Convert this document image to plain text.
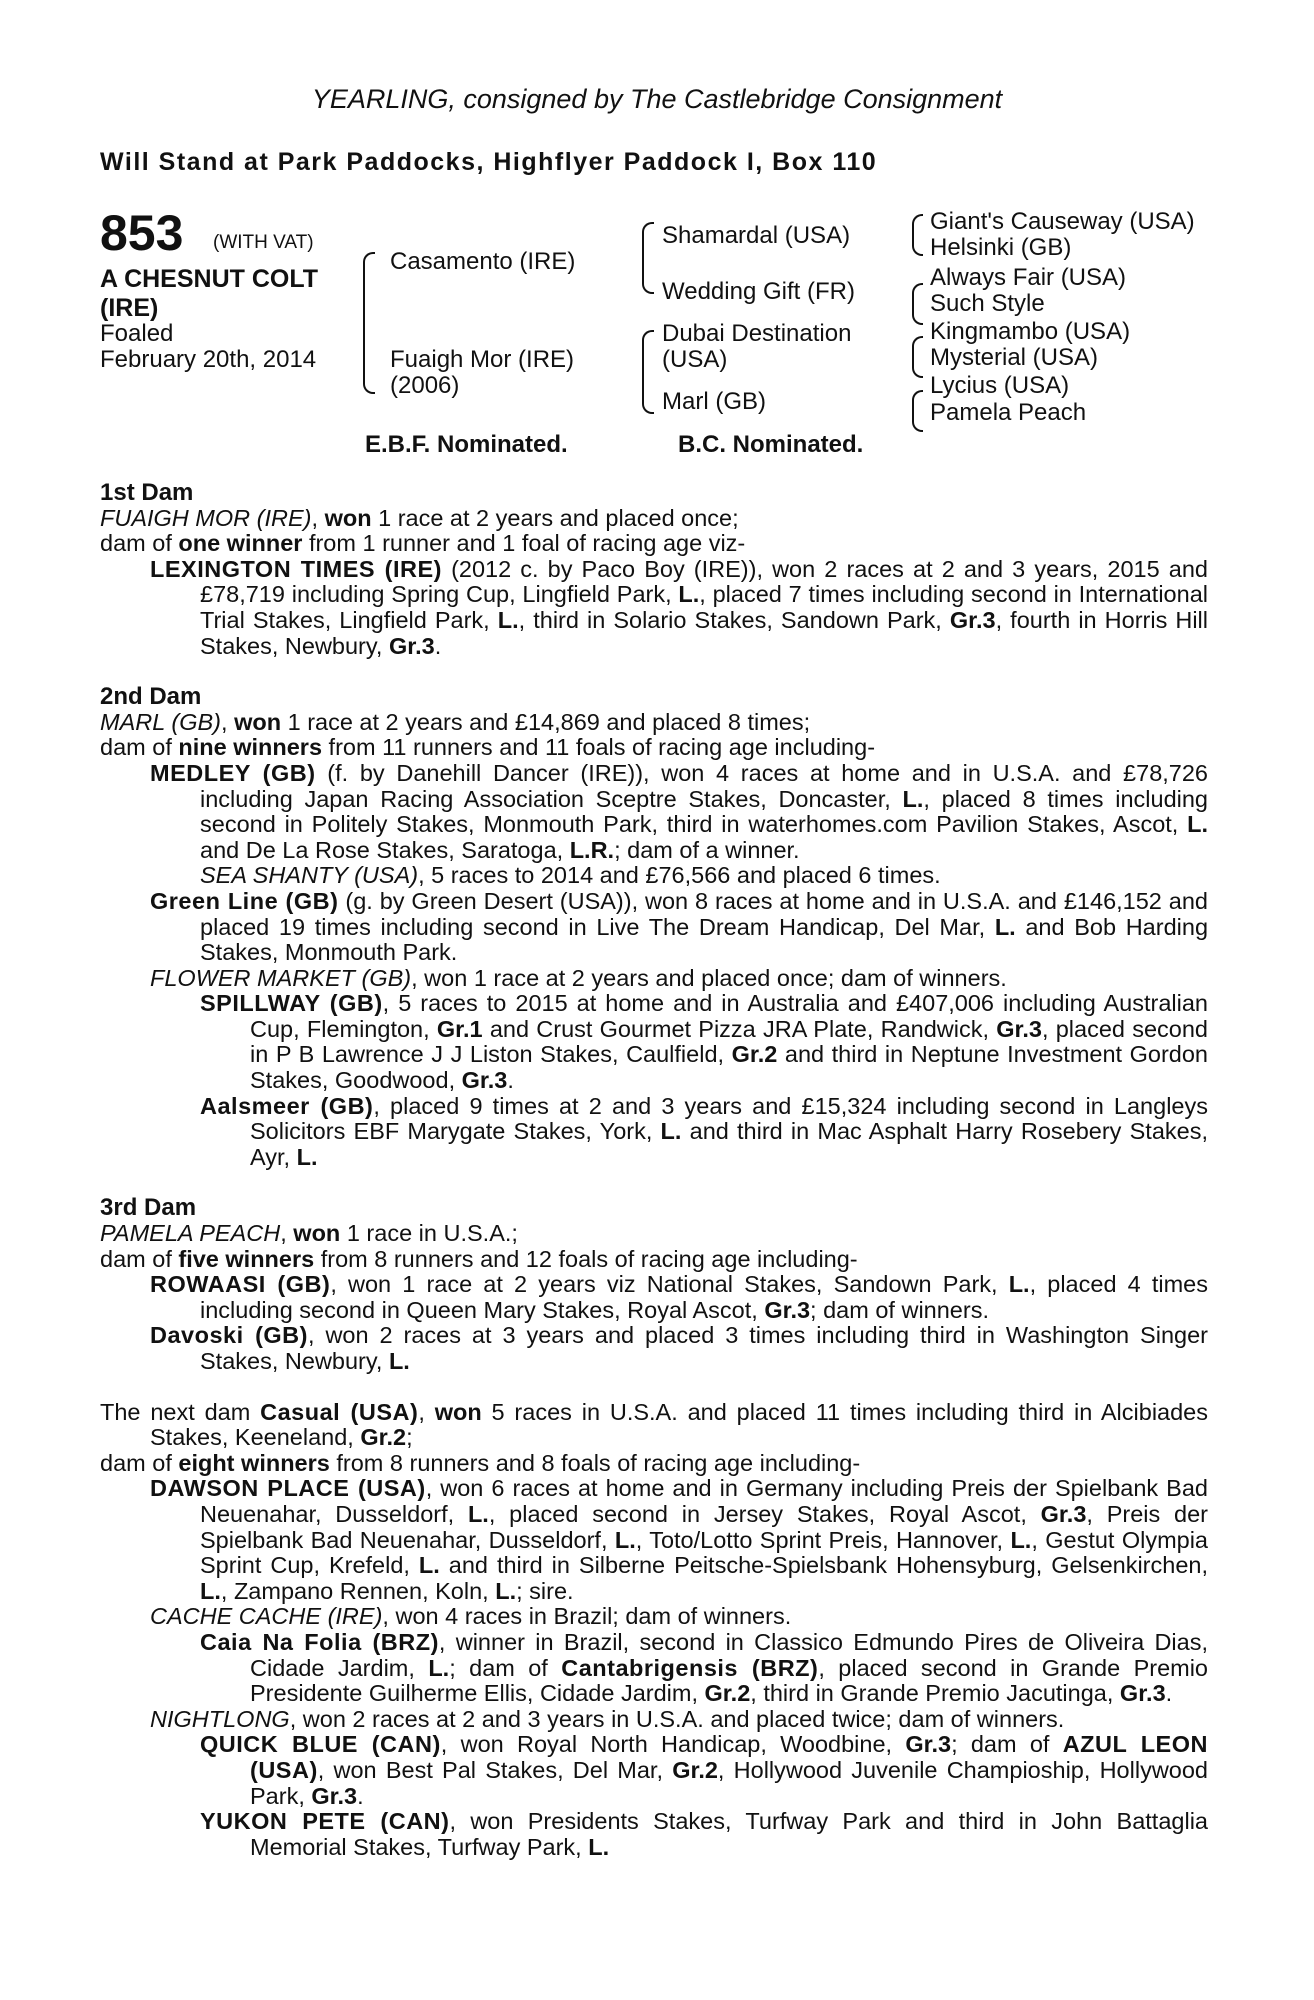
YEARLING, consigned by The Castlebridge Consignment
Will Stand at Park Paddocks, Highflyer Paddock I, Box 110
853 (WITH VAT)
A CHESNUT COLT
(IRE)
Foaled
February 20th, 2014
Casamento (IRE)
Fuaigh Mor (IRE)
(2006)
Shamardal (USA)
Wedding Gift (FR)
Dubai Destination
(USA)
Marl (GB)
Giant's Causeway (USA)
Helsinki (GB)
Always Fair (USA)
Such Style
Kingmambo (USA)
Mysterial (USA)
Lycius (USA)
Pamela Peach
E.B.F. Nominated.	B.C. Nominated.

1st Dam

FUAIGH MOR (IRE), won 1 race at 2 years and placed once;

dam of one winner from 1 runner and 1 foal of racing age viz-

LEXINGTON TIMES (IRE) (2012 c. by Paco Boy (IRE)), won 2 races at 2 and 3 years, 2015 and £78,719 including Spring Cup, Lingfield Park, L., placed 7 times including second in International Trial Stakes, Lingfield Park, L., third in Solario Stakes, Sandown Park, Gr.3, fourth in Horris Hill Stakes, Newbury, Gr.3.

2nd Dam

MARL (GB), won 1 race at 2 years and £14,869 and placed 8 times;

dam of nine winners from 11 runners and 11 foals of racing age including-

MEDLEY (GB) (f. by Danehill Dancer (IRE)), won 4 races at home and in U.S.A. and £78,726 including Japan Racing Association Sceptre Stakes, Doncaster, L., placed 8 times including second in Politely Stakes, Monmouth Park, third in waterhomes.com Pavilion Stakes, Ascot, L. and De La Rose Stakes, Saratoga, L.R.; dam of a winner.

SEA SHANTY (USA), 5 races to 2014 and £76,566 and placed 6 times.

Green Line (GB) (g. by Green Desert (USA)), won 8 races at home and in U.S.A. and £146,152 and placed 19 times including second in Live The Dream Handicap, Del Mar, L. and Bob Harding Stakes, Monmouth Park.

FLOWER MARKET (GB), won 1 race at 2 years and placed once; dam of winners.

SPILLWAY (GB), 5 races to 2015 at home and in Australia and £407,006 including Australian Cup, Flemington, Gr.1 and Crust Gourmet Pizza JRA Plate, Randwick, Gr.3, placed second in P B Lawrence J J Liston Stakes, Caulfield, Gr.2 and third in Neptune Investment Gordon Stakes, Goodwood, Gr.3.

Aalsmeer (GB), placed 9 times at 2 and 3 years and £15,324 including second in Langleys Solicitors EBF Marygate Stakes, York, L. and third in Mac Asphalt Harry Rosebery Stakes, Ayr, L.

3rd Dam

PAMELA PEACH, won 1 race in U.S.A.;

dam of five winners from 8 runners and 12 foals of racing age including-

ROWAASI (GB), won 1 race at 2 years viz National Stakes, Sandown Park, L., placed 4 times including second in Queen Mary Stakes, Royal Ascot, Gr.3; dam of winners.

Davoski (GB), won 2 races at 3 years and placed 3 times including third in Washington Singer Stakes, Newbury, L.

The next dam Casual (USA), won 5 races in U.S.A. and placed 11 times including third in Alcibiades Stakes, Keeneland, Gr.2;

dam of eight winners from 8 runners and 8 foals of racing age including-

DAWSON PLACE (USA), won 6 races at home and in Germany including Preis der Spielbank Bad Neuenahar, Dusseldorf, L., placed second in Jersey Stakes, Royal Ascot, Gr.3, Preis der Spielbank Bad Neuenahar, Dusseldorf, L., Toto/Lotto Sprint Preis, Hannover, L., Gestut Olympia Sprint Cup, Krefeld, L. and third in Silberne Peitsche-Spielsbank Hohensyburg, Gelsenkirchen, L., Zampano Rennen, Koln, L.; sire.

CACHE CACHE (IRE), won 4 races in Brazil; dam of winners.

Caia Na Folia (BRZ), winner in Brazil, second in Classico Edmundo Pires de Oliveira Dias, Cidade Jardim, L.; dam of Cantabrigensis (BRZ), placed second in Grande Premio Presidente Guilherme Ellis, Cidade Jardim, Gr.2, third in Grande Premio Jacutinga, Gr.3.

NIGHTLONG, won 2 races at 2 and 3 years in U.S.A. and placed twice; dam of winners.

QUICK BLUE (CAN), won Royal North Handicap, Woodbine, Gr.3; dam of AZUL LEON (USA), won Best Pal Stakes, Del Mar, Gr.2, Hollywood Juvenile Champioship, Hollywood Park, Gr.3.

YUKON PETE (CAN), won Presidents Stakes, Turfway Park and third in John Battaglia Memorial Stakes, Turfway Park, L.
